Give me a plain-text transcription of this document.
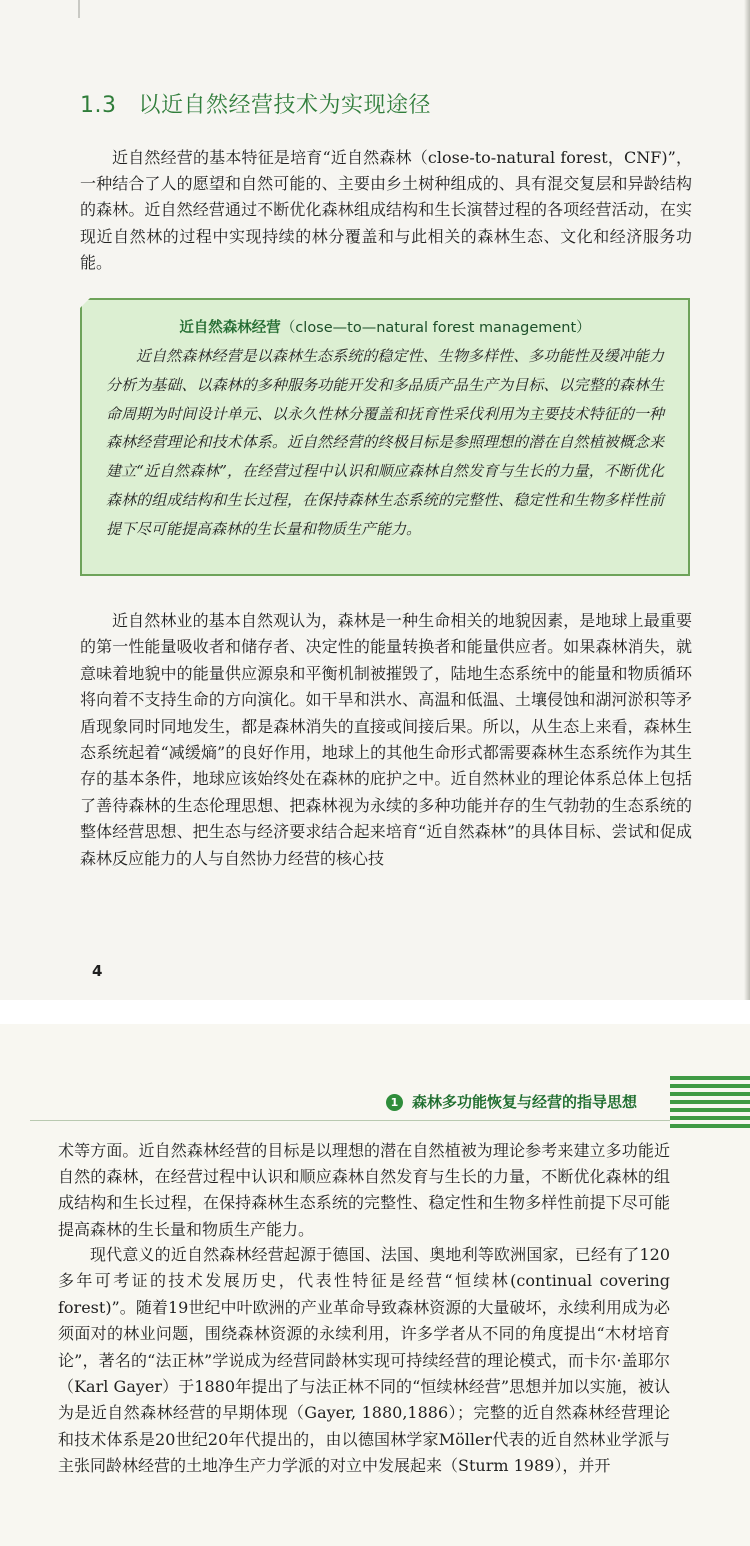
1.3 以近自然经营技术为实现途径

近自然经营的基本特征是培育“近自然森林（close-to-natural forest，CNF)”，一种结合了人的愿望和自然可能的、主要由乡土树种组成的、具有混交复层和异龄结构的森林。近自然经营通过不断优化森林组成结构和生长演替过程的各项经营活动，在实现近自然林的过程中实现持续的林分覆盖和与此相关的森林生态、文化和经济服务功能。

近自然森林经营（close—to—natural forest management）

近自然森林经营是以森林生态系统的稳定性、生物多样性、多功能性及缓冲能力分析为基础、以森林的多种服务功能开发和多品质产品生产为目标、以完整的森林生命周期为时间设计单元、以永久性林分覆盖和抚育性采伐利用为主要技术特征的一种森林经营理论和技术体系。近自然经营的终极目标是参照理想的潜在自然植被概念来建立“近自然森林”，在经营过程中认识和顺应森林自然发育与生长的力量，不断优化森林的组成结构和生长过程，在保持森林生态系统的完整性、稳定性和生物多样性前提下尽可能提高森林的生长量和物质生产能力。

近自然林业的基本自然观认为，森林是一种生命相关的地貌因素，是地球上最重要的第一性能量吸收者和储存者、决定性的能量转换者和能量供应者。如果森林消失，就意味着地貌中的能量供应源泉和平衡机制被摧毁了，陆地生态系统中的能量和物质循环将向着不支持生命的方向演化。如干旱和洪水、高温和低温、土壤侵蚀和湖河淤积等矛盾现象同时同地发生，都是森林消失的直接或间接后果。所以，从生态上来看，森林生态系统起着“减缓熵”的良好作用，地球上的其他生命形式都需要森林生态系统作为其生存的基本条件，地球应该始终处在森林的庇护之中。近自然林业的理论体系总体上包括了善待森林的生态伦理思想、把森林视为永续的多种功能并存的生气勃勃的生态系统的整体经营思想、把生态与经济要求结合起来培育“近自然森林”的具体目标、尝试和促成森林反应能力的人与自然协力经营的核心技

4
1 森林多功能恢复与经营的指导思想

术等方面。近自然森林经营的目标是以理想的潜在自然植被为理论参考来建立多功能近自然的森林，在经营过程中认识和顺应森林自然发育与生长的力量，不断优化森林的组成结构和生长过程，在保持森林生态系统的完整性、稳定性和生物多样性前提下尽可能提高森林的生长量和物质生产能力。

现代意义的近自然森林经营起源于德国、法国、奥地利等欧洲国家，已经有了120多年可考证的技术发展历史，代表性特征是经营“恒续林(continual covering forest)”。随着19世纪中叶欧洲的产业革命导致森林资源的大量破坏，永续利用成为必须面对的林业问题，围绕森林资源的永续利用，许多学者从不同的角度提出“木材培育论”，著名的“法正林”学说成为经营同龄林实现可持续经营的理论模式，而卡尔·盖耶尔（Karl Gayer）于1880年提出了与法正林不同的“恒续林经营”思想并加以实施，被认为是近自然森林经营的早期体现（Gayer, 1880,1886）；完整的近自然森林经营理论和技术体系是20世纪20年代提出的，由以德国林学家Möller代表的近自然林业学派与主张同龄林经营的土地净生产力学派的对立中发展起来（Sturm 1989），并开
